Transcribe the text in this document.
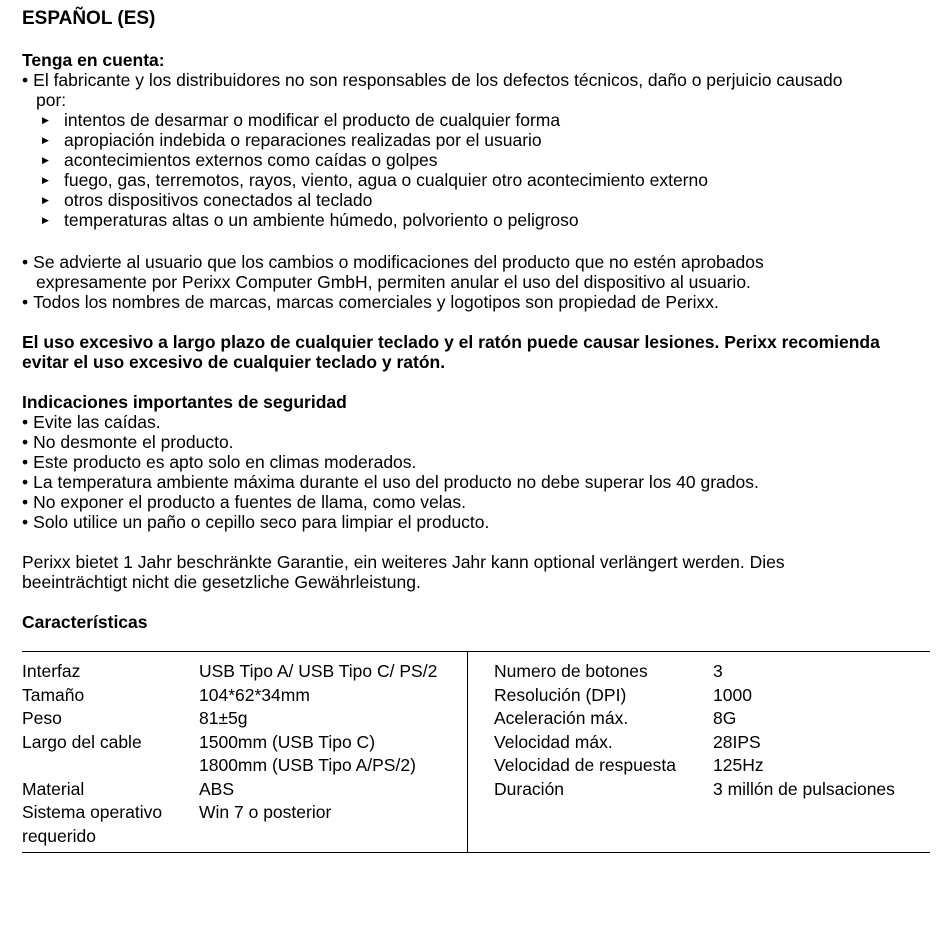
ESPAÑOL (ES)

Tenga en cuenta:

• El fabricante y los distribuidores no son responsables de los defectos técnicos, daño o perjuicio causado

por:

▶ intentos de desarmar o modificar el producto de cualquier forma

▶ apropiación indebida o reparaciones realizadas por el usuario

▶ acontecimientos externos como caídas o golpes

▶ fuego, gas, terremotos, rayos, viento, agua o cualquier otro acontecimiento externo

▶ otros dispositivos conectados al teclado

▶ temperaturas altas o un ambiente húmedo, polvoriento o peligroso

• Se advierte al usuario que los cambios o modificaciones del producto que no estén aprobados

expresamente por Perixx Computer GmbH, permiten anular el uso del dispositivo al usuario.

• Todos los nombres de marcas, marcas comerciales y logotipos son propiedad de Perixx.

El uso excesivo a largo plazo de cualquier teclado y el ratón puede causar lesiones. Perixx recomienda

evitar el uso excesivo de cualquier teclado y ratón.

Indicaciones importantes de seguridad

• Evite las caídas.

• No desmonte el producto.

• Este producto es apto solo en climas moderados.

• La temperatura ambiente máxima durante el uso del producto no debe superar los 40 grados.

• No exponer el producto a fuentes de llama, como velas.

• Solo utilice un paño o cepillo seco para limpiar el producto.

Perixx bietet 1 Jahr beschränkte Garantie, ein weiteres Jahr kann optional verlängert werden. Dies

beeinträchtigt nicht die gesetzliche Gewährleistung.

Características

Interfaz	USB Tipo A/ USB Tipo C/ PS/2
Tamaño	104*62*34mm
Peso	81±5g
Largo del cable	1500mm (USB Tipo C)
1800mm (USB Tipo A/PS/2)
Material	ABS
Sistema operativo	Win 7 o posterior
requerido
Numero de botones	3
Resolución (DPI)	1000
Aceleración máx.	8G
Velocidad máx.	28IPS
Velocidad de respuesta	125Hz
Duración	3 millón de pulsaciones
